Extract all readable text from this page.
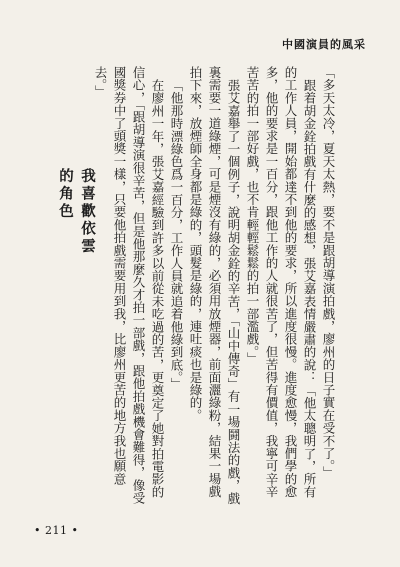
中國演員的風采

「多天太冷，夏天太熱，要不是跟胡導演拍戲，廖州的日子實在受不了。」

跟着胡金銓拍戲有什麼的感想，張艾嘉表情嚴肅的說：「他太聰明了，所有的工作人員，開始都達不到他的要求，所以進度很慢。進度愈慢，我們學的愈多，他的要求是一百分，跟他工作的人就很苦了，但苦得有價值，我寧可辛辛苦苦的拍一部好戲，也不肯輕輕鬆鬆的拍一部濫戲。」

張艾嘉舉了一個例子，說明胡金銓的辛苦，「山中傳奇」有一場鬪法的戲，戲裏需要一道綠煙，可是煙沒有綠的，必須用放煙器，前面灑綠粉，結果一場戲拍下來，放煙師全身都是綠的，頭髮是綠的，連吐痰也是綠的。

「他那時漂綠色爲一百分，工作人員就追着他綠到底。」

在廖州一年，張艾嘉經驗到許多以前從未吃過的苦，更奠定了她對拍電影的信心，「跟胡導演很辛苦，但是他那麼久才拍一部戲，跟他拍戲機會難得，像受國獎券中了頭獎一樣，只要他拍戲需要用到我，比廖州更苦的地方我也願意去。」

我喜歡依雲
的角色
• 211 •
